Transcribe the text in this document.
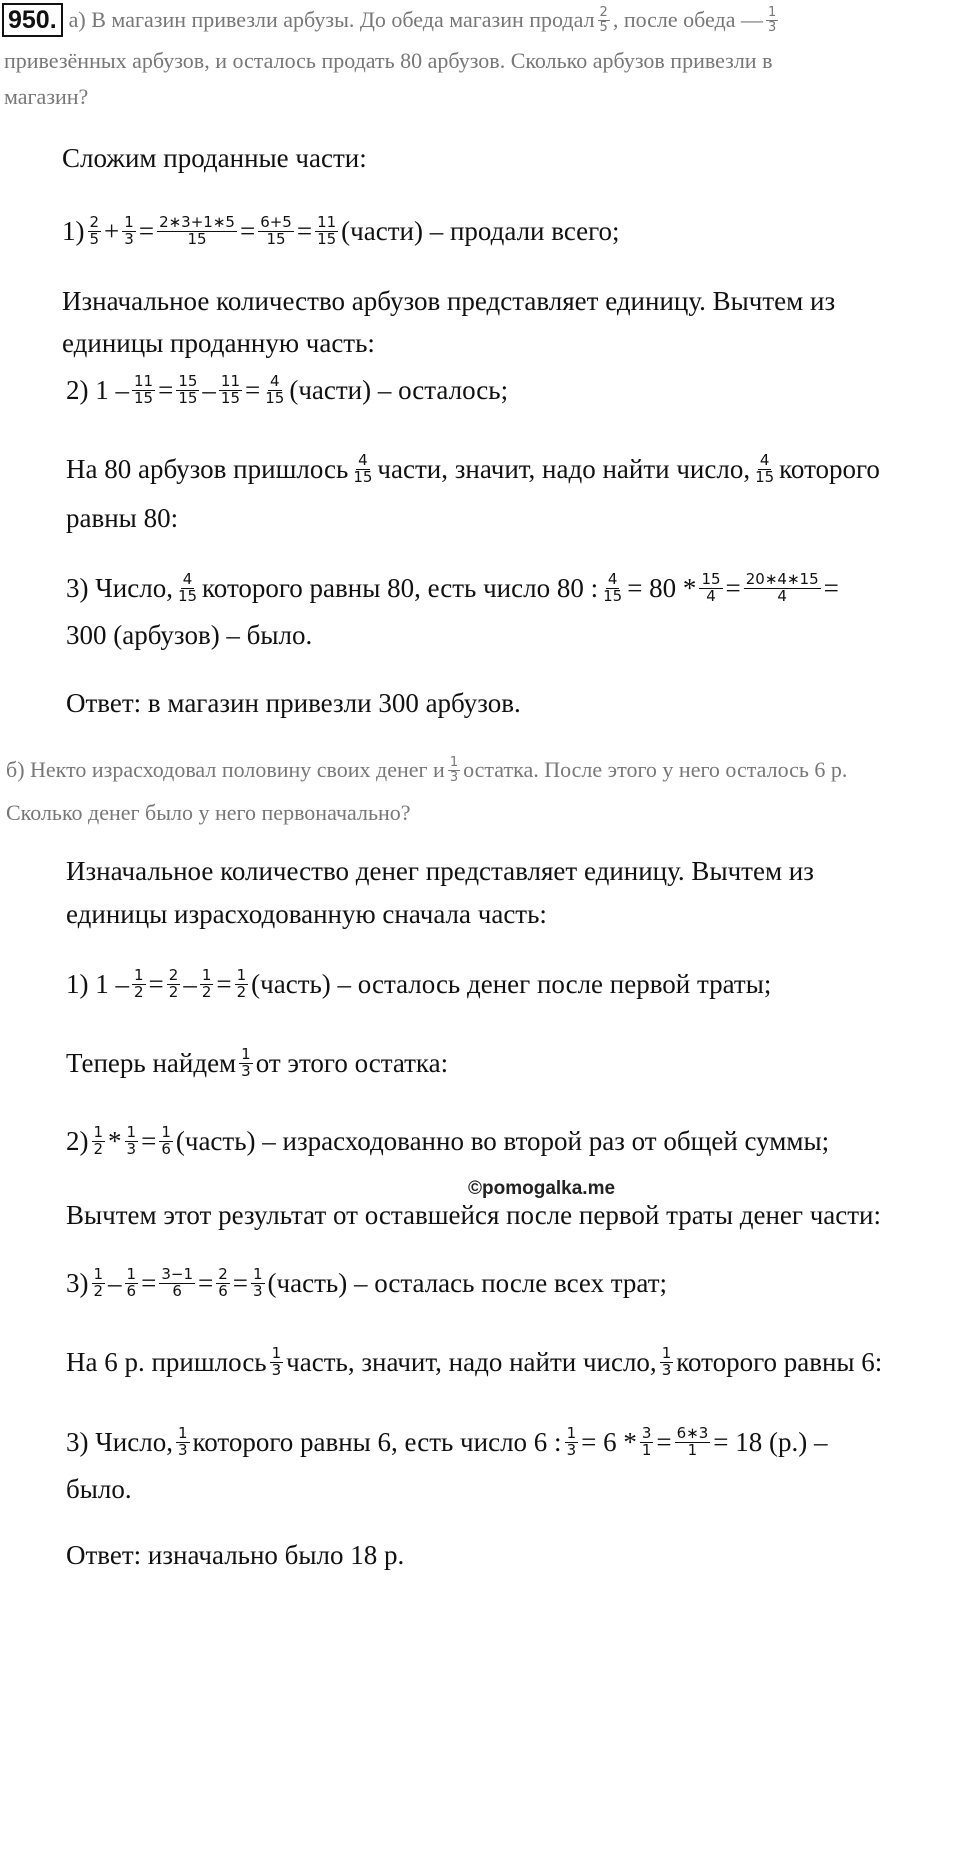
950. а) В магазин привезли арбузы. До обеда магазин продал $\frac{2}{5}$ , после обеда — $\frac{1}{3}$
привезённых арбузов, и осталось продать 80 арбузов. Сколько арбузов привезли в
магазин?
Сложим проданные части:
$1) \frac{2}{5} + \frac{1}{3} = \frac{2∗3+1∗5}{15} = \frac{6+5}{15} = \frac{11}{15}$ (части) – продали всего;
Изначальное количество арбузов представляет единицу. Вычтем из
единицы проданную часть:
2) $1 - \frac{11}{15} = \frac{15}{15} - \frac{11}{15} = \frac{4}{15}$ (части) – осталось;
На 80 арбузов пришлось $\frac{4}{15}$ части, значит, надо найти число, $\frac{4}{15}$ которого
равны 80:
3) Число, $\frac{4}{15}$ которого равны 80, есть число 80 : $\frac{4}{15} = 80 * \frac{15}{4} = \frac{20∗4∗15}{4}$ =
300 (арбузов) – было.
Ответ: в магазин привезли 300 арбузов.
б) Некто израсходовал половину своих денег и $\frac{1}{3}$ остатка. После этого у него осталось 6 р.
Сколько денег было у него первоначально?
Изначальное количество денег представляет единицу. Вычтем из
единицы израсходованную сначала часть:
1) $1 - \frac{1}{2} = \frac{2}{2} - \frac{1}{2} = \frac{1}{2}$ (часть) – осталось денег после первой траты;
Теперь найдем $\frac{1}{3}$ от этого остатка:
$2) \frac{1}{2} * \frac{1}{3} = \frac{1}{6}$ (часть) – израсходованно во второй раз от общей суммы;
©pomogalka.me
Вычтем этот результат от оставшейся после первой траты денег части:
$3) \frac{1}{2} - \frac{1}{6} = \frac{3-1}{6} = \frac{2}{6} = \frac{1}{3}$ (часть) – осталась после всех трат;
На 6 р. пришлось $\frac{1}{3}$ часть, значит, надо найти число, $\frac{1}{3}$ которого равны 6:
3) Число, $\frac{1}{3}$ которого равны 6, есть число 6 : $\frac{1}{3} = 6 * \frac{3}{1} = \frac{6∗3}{1} = 18$ (р.) –
было.
Ответ: изначально было 18 р.
